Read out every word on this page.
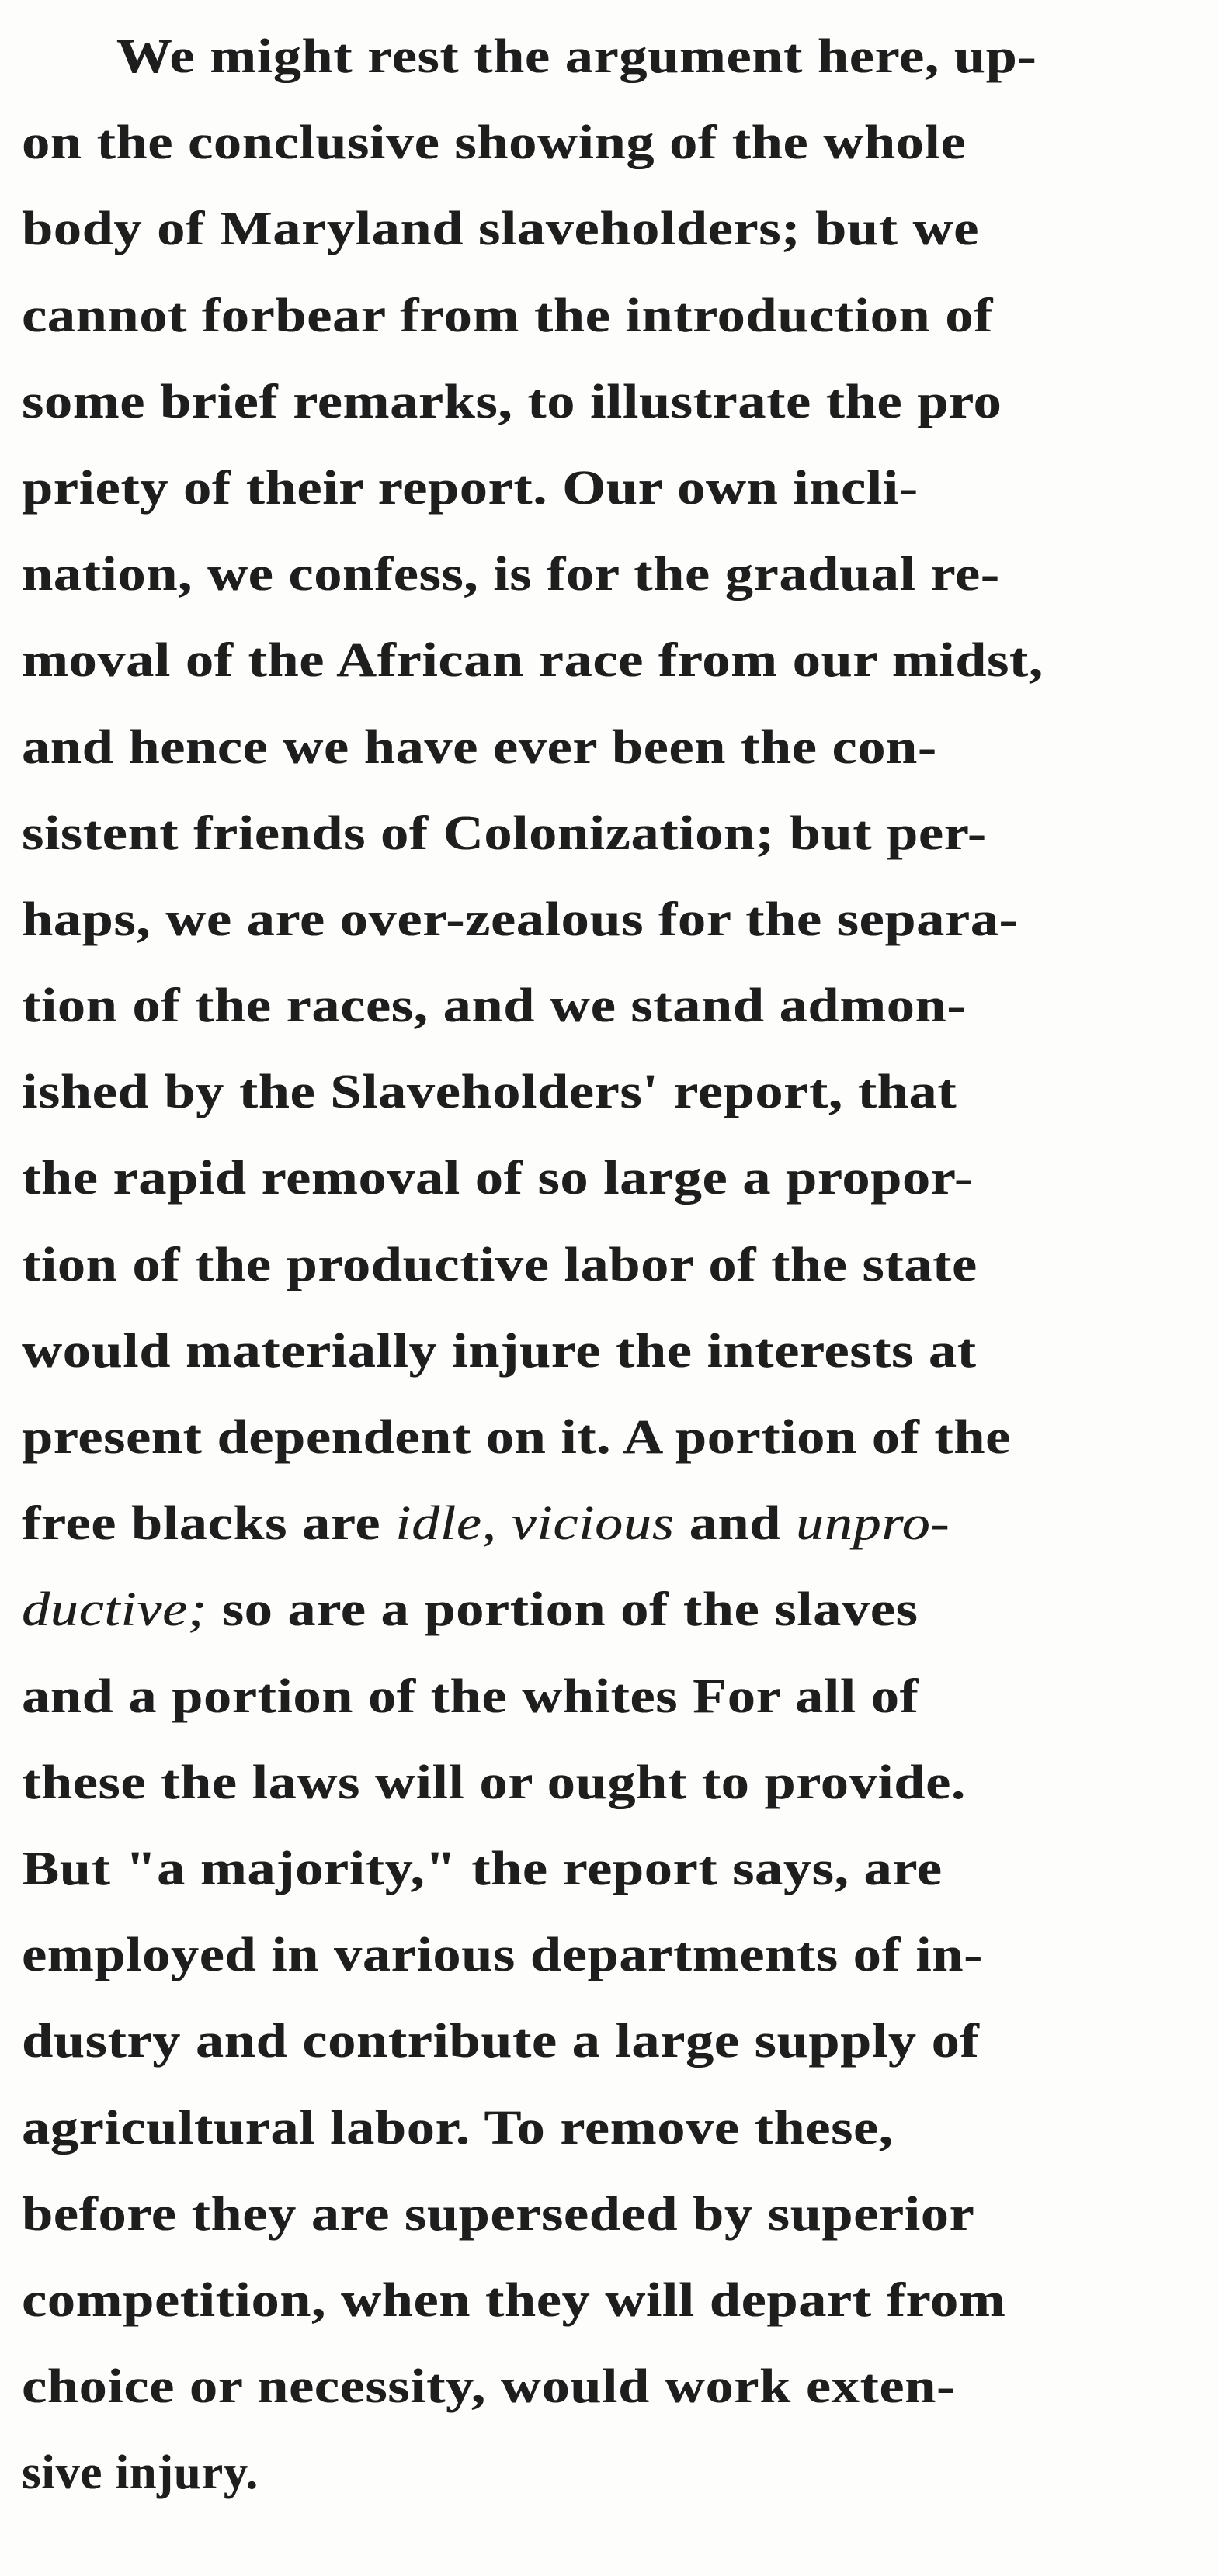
We might rest the argument here, up-
on the conclusive showing of the whole
body of Maryland slaveholders; but we
cannot forbear from the introduction of
some brief remarks, to illustrate the pro
priety of their report. Our own incli-
nation, we confess, is for the gradual re-
moval of the African race from our midst,
and hence we have ever been the con-
sistent friends of Colonization; but per-
haps, we are over-zealous for the separa-
tion of the races, and we stand admon-
ished by the Slaveholders' report, that
the rapid removal of so large a propor-
tion of the productive labor of the state
would materially injure the interests at
present dependent on it. A portion of the
free blacks are idle, vicious and unpro-
ductive; so are a portion of the slaves
and a portion of the whites For all of
these the laws will or ought to provide.
But "a majority," the report says, are
employed in various departments of in-
dustry and contribute a large supply of
agricultural labor. To remove these,
before they are superseded by superior
competition, when they will depart from
choice or necessity, would work exten-
sive injury.
